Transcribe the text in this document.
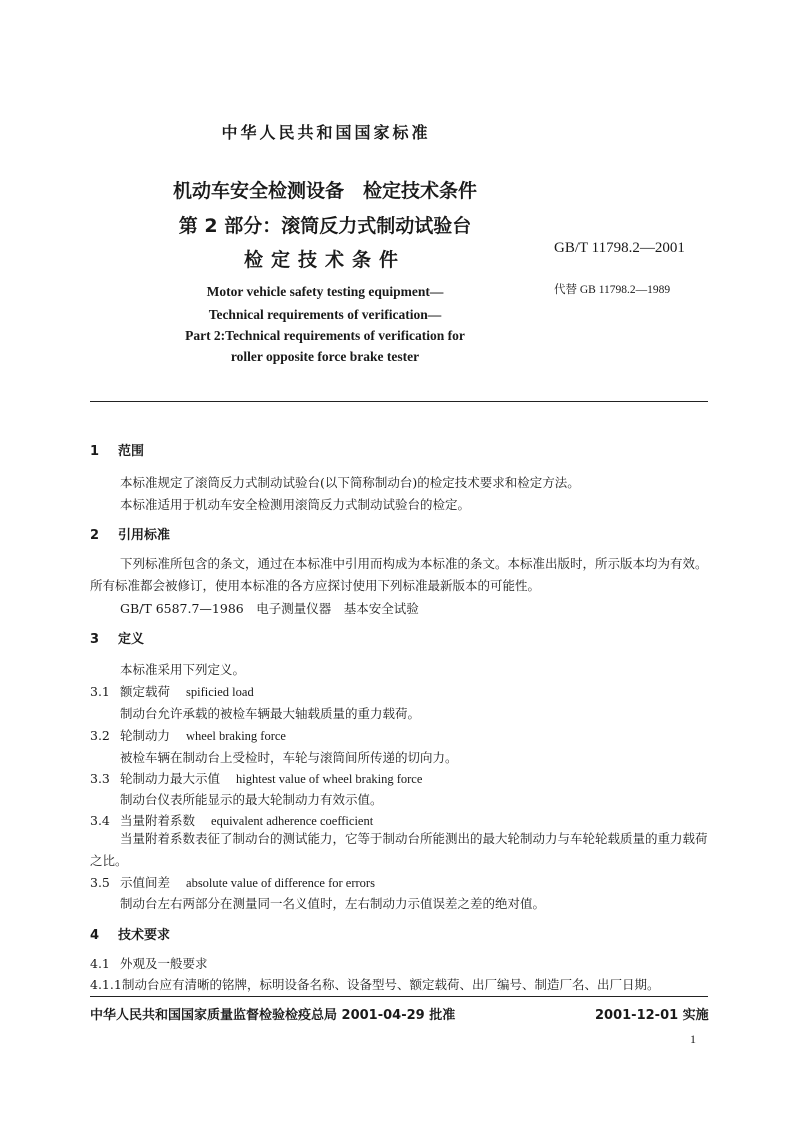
中华人民共和国国家标准
机动车安全检测设备　检定技术条件
第 2 部分：滚筒反力式制动试验台
检定技术条件
GB/T 11798.2—2001
代替 GB 11798.2—1989
Motor vehicle safety testing equipment—
Technical requirements of verification—
Part 2:Technical requirements of verification for
roller opposite force brake tester
1 范围
本标准规定了滚筒反力式制动试验台(以下简称制动台)的检定技术要求和检定方法。
本标准适用于机动车安全检测用滚筒反力式制动试验台的检定。
2 引用标准
下列标准所包含的条文，通过在本标准中引用而构成为本标准的条文。本标准出版时，所示版本均为有效。所有标准都会被修订，使用本标准的各方应探讨使用下列标准最新版本的可能性。
GB/T 6587.7—1986　电子测量仪器　基本安全试验
3 定义
本标准采用下列定义。
3.1 额定载荷 spificied load
制动台允许承载的被检车辆最大轴载质量的重力载荷。
3.2 轮制动力 wheel braking force
被检车辆在制动台上受检时，车轮与滚筒间所传递的切向力。
3.3 轮制动力最大示值 hightest value of wheel braking force
制动台仪表所能显示的最大轮制动力有效示值。
3.4 当量附着系数 equivalent adherence coefficient
当量附着系数表征了制动台的测试能力，它等于制动台所能测出的最大轮制动力与车轮轮载质量的重力载荷之比。
3.5 示值间差 absolute value of difference for errors
制动台左右两部分在测量同一名义值时，左右制动力示值误差之差的绝对值。
4 技术要求
4.1 外观及一般要求
4.1.1制动台应有清晰的铭牌，标明设备名称、设备型号、额定载荷、出厂编号、制造厂名、出厂日期。
中华人民共和国国家质量监督检验检疫总局 2001-04-29 批准	2001-12-01 实施
1
